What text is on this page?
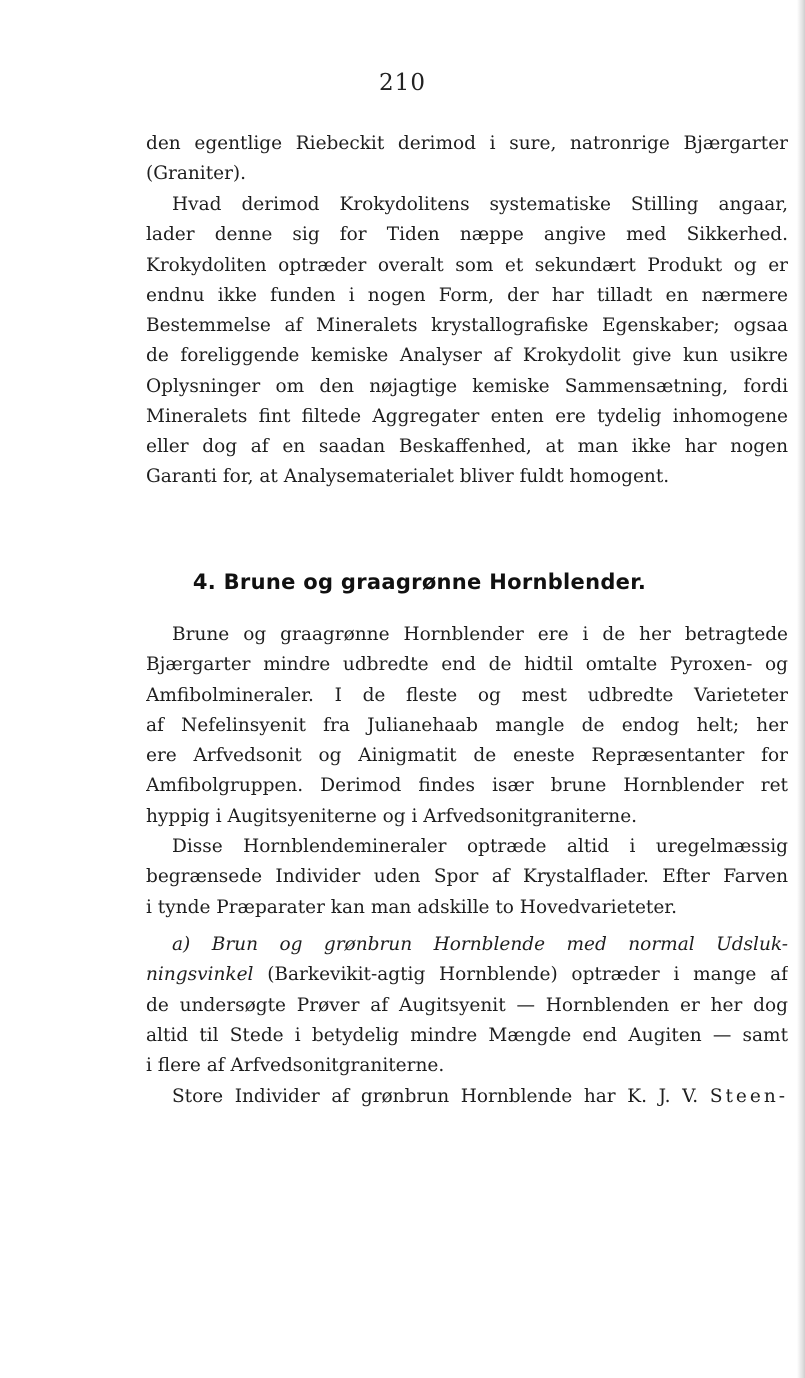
210
den egentlige Riebeckit derimod i sure, natronrige Bjærgarter
(Graniter).
Hvad derimod Krokydolitens systematiske Stilling angaar,
lader denne sig for Tiden næppe angive med Sikkerhed.
Krokydoliten optræder overalt som et sekundært Produkt og er
endnu ikke funden i nogen Form, der har tilladt en nærmere
Bestemmelse af Mineralets krystallografiske Egenskaber; ogsaa
de foreliggende kemiske Analyser af Krokydolit give kun usikre
Oplysninger om den nøjagtige kemiske Sammensætning, fordi
Mineralets fint filtede Aggregater enten ere tydelig inhomogene
eller dog af en saadan Beskaffenhed, at man ikke har nogen
Garanti for, at Analysematerialet bliver fuldt homogent.
4. Brune og graagrønne Hornblender.
Brune og graagrønne Hornblender ere i de her betragtede
Bjærgarter mindre udbredte end de hidtil omtalte Pyroxen- og
Amfibolmineraler. I de fleste og mest udbredte Varieteter
af Nefelinsyenit fra Julianehaab mangle de endog helt; her
ere Arfvedsonit og Ainigmatit de eneste Repræsentanter for
Amfibolgruppen. Derimod findes især brune Hornblender ret
hyppig i Augitsyeniterne og i Arfvedsonitgraniterne.
Disse Hornblendemineraler optræde altid i uregelmæssig
begrænsede Individer uden Spor af Krystalflader. Efter Farven
i tynde Præparater kan man adskille to Hovedvarieteter.
a) Brun og grønbrun Hornblende med normal Udsluk-
ningsvinkel (Barkevikit-agtig Hornblende) optræder i mange af
de undersøgte Prøver af Augitsyenit — Hornblenden er her dog
altid til Stede i betydelig mindre Mængde end Augiten — samt
i flere af Arfvedsonitgraniterne.
Store Individer af grønbrun Hornblende har K. J. V. Steen-
